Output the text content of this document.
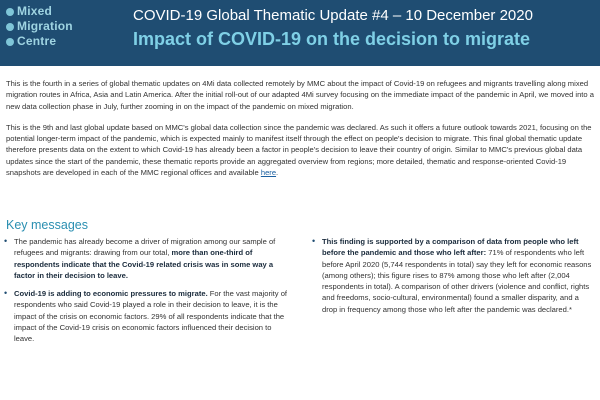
Mixed
Migration
Centre
COVID-19 Global Thematic Update #4 – 10 December 2020
Impact of COVID-19 on the decision to migrate

This is the fourth in a series of global thematic updates on 4Mi data collected remotely by MMC about the impact of Covid-19 on refugees and migrants travelling along mixed migration routes in Africa, Asia and Latin America. After the initial roll-out of our adapted 4Mi survey focusing on the immediate impact of the pandemic in April, we moved into a new data collection phase in July, further zooming in on the impact of the pandemic on mixed migration.

This is the 9th and last global update based on MMC's global data collection since the pandemic was declared. As such it offers a future outlook towards 2021, focusing on the potential longer-term impact of the pandemic, which is expected mainly to manifest itself through the effect on people's decision to migrate. This final global thematic update therefore presents data on the extent to which Covid-19 has already been a factor in people's decision to leave their country of origin. Similar to MMC's previous global data updates since the start of the pandemic, these thematic reports provide an aggregated overview from regions; more detailed, thematic and response-oriented Covid-19 snapshots are developed in each of the MMC regional offices and available here.

Key messages
• The pandemic has already become a driver of migration among our sample of refugees and migrants: drawing from our total, more than one-third of respondents indicate that the Covid-19 related crisis was in some way a factor in their decision to leave.
• Covid-19 is adding to economic pressures to migrate. For the vast majority of respondents who said Covid-19 played a role in their decision to leave, it is the impact of the crisis on economic factors. 29% of all respondents indicate that the impact of the Covid-19 crisis on economic factors influenced their decision to leave.
• This finding is supported by a comparison of data from people who left before the pandemic and those who left after: 71% of respondents who left before April 2020 (5,744 respondents in total) say they left for economic reasons (among others); this figure rises to 87% among those who left after (2,004 respondents in total). A comparison of other drivers (violence and conflict, rights and freedoms, socio-cultural, environmental) found a smaller disparity, and a drop in frequency among those who left after the pandemic was declared.*
